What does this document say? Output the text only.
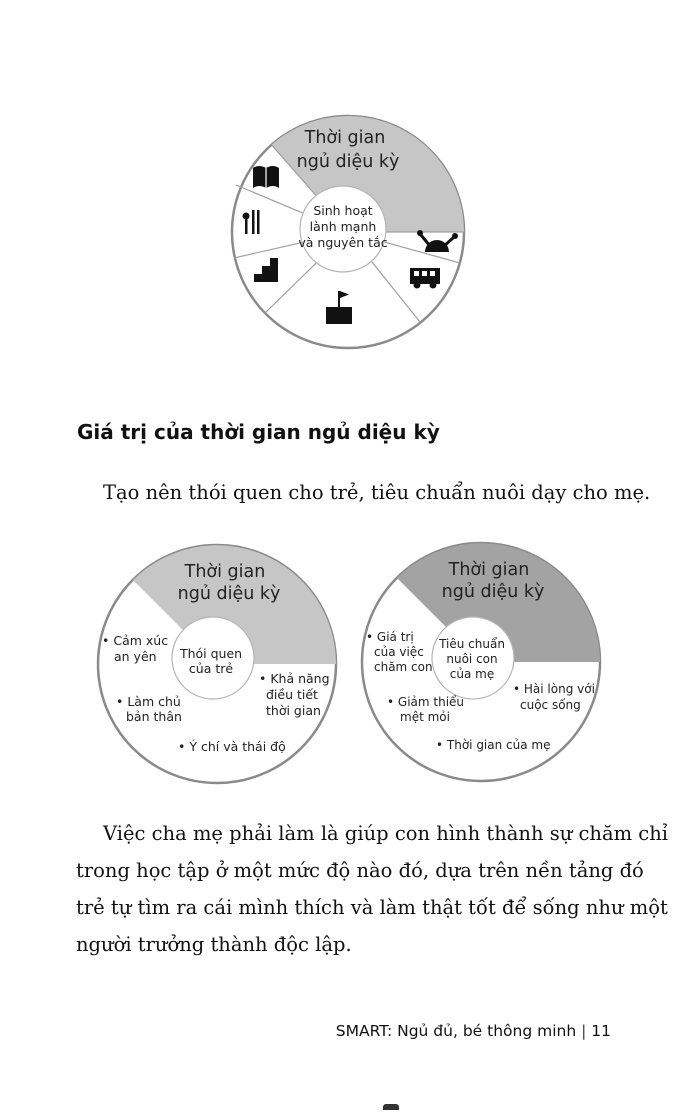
Thời gian
ngủ diệu kỳ
Sinh hoạt
lành mạnh
và nguyên tắc
Thời gian
ngủ diệu kỳ
Thói quen
của trẻ
• Cảm xúc
an yên
• Làm chủ
bản thân
• Ý chí và thái độ
• Khả năng
điều tiết
thời gian
Thời gian
ngủ diệu kỳ
Tiêu chuẩn
nuôi con
của mẹ
• Giá trị
của việc
chăm con
• Giảm thiểu
mệt mỏi
• Thời gian của mẹ
• Hài lòng với
cuộc sống
Giá trị của thời gian ngủ diệu kỳ

Tạo nên thói quen cho trẻ, tiêu chuẩn nuôi dạy cho mẹ.

Việc cha mẹ phải làm là giúp con hình thành sự chăm chỉ
trong học tập ở một mức độ nào đó, dựa trên nền tảng đó
trẻ tự tìm ra cái mình thích và làm thật tốt để sống như một
người trưởng thành độc lập.

SMART: Ngủ đủ, bé thông minh | 11
